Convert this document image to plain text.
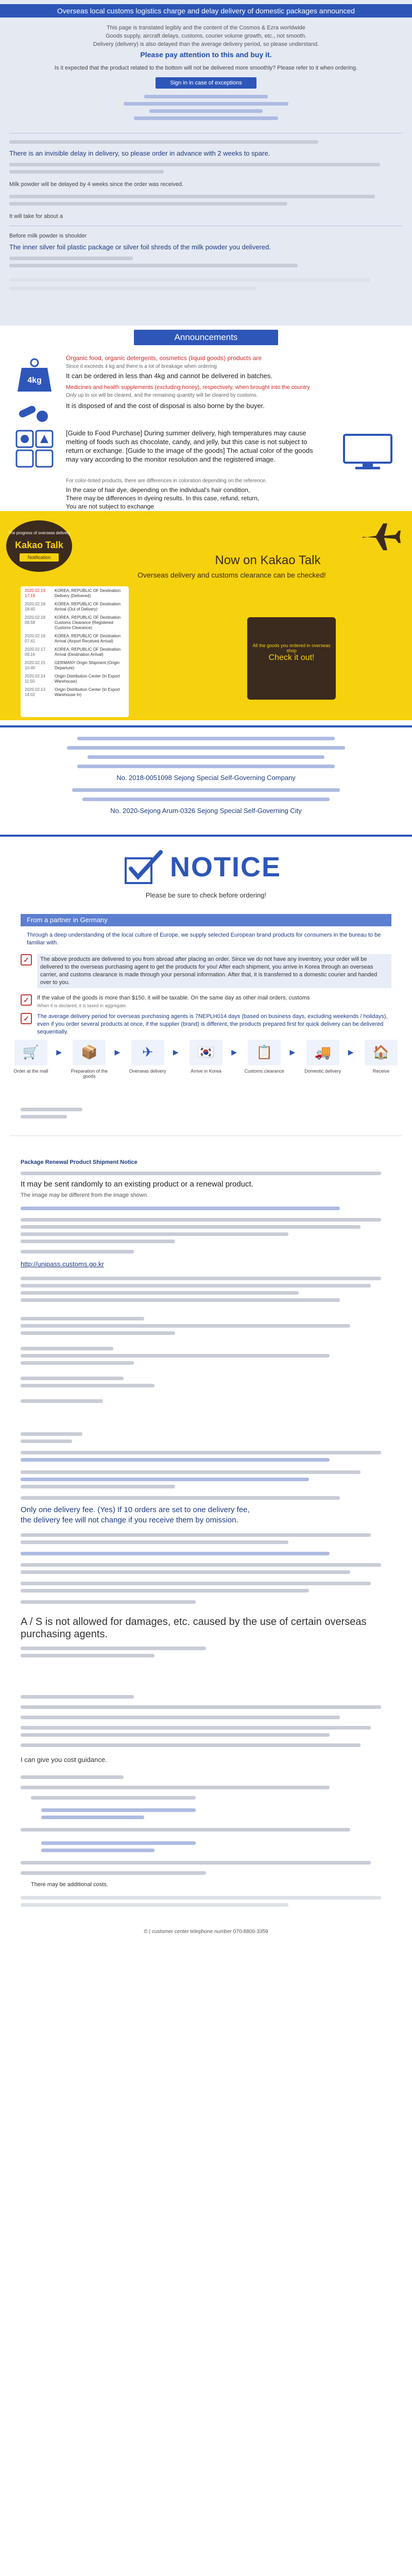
Overseas local customs logistics charge and delay delivery of domestic packages announced
This page is translated legibly and the content of the Cosmos & Ezra worldwide
Goods supply, aircraft delays, customs, courier volume growth, etc., not smooth.
Delivery (delivery) is also delayed than the average delivery period, so please understand.
Please pay attention to this and buy it.
Is it expected that the product related to the bottom will not be delivered more smoothly? Please refer to it when ordering.
Sign in in case of exceptions
There is an invisible delay in delivery, so please order in advance with 2 weeks to spare.
Milk powder will be delayed by 4 weeks since the order was received.
It will take for about a
Before milk powder is shoulder
The inner silver foil plastic package or silver foil shreds of the milk powder you delivered.
Announcements
4kg
Organic food, organic detergents, cosmetics (liquid goods) products are
Since it exceeds 4 kg and there is a lot of breakage when ordering
It can be ordered in less than 4kg and cannot be delivered in batches.
Medicines and health supplements (excluding honey), respectively, when brought into the country
Only up to six will be cleared, and the remaining quantity will be cleared by customs.
It is disposed of and the cost of disposal is also borne by the buyer.
[Guide to Food Purchase] During summer delivery, high temperatures may cause melting of foods such as chocolate, candy, and jelly, but this case is not subject to return or exchange. [Guide to the image of the goods] The actual color of the goods may vary according to the monitor resolution and the registered image.
For color-tinted products, there are differences in coloration depending on the reference.
In the case of hair dye, depending on the individual's hair condition,
There may be differences in dyeing results. In this case, refund, return,
You are not subject to exchange
The progress of overseas delivery
Kakao Talk
Notification Service	Now on Kakao Talk
Overseas delivery and customs clearance can be checked!
2020.02.19 17:19
KOREA, REPUBLIC OF Destination Delivery (Delivered)
2020.02.18 18:40
KOREA, REPUBLIC OF Destination Arrival (Out of Delivery)
2020.02.18 08:58
KOREA, REPUBLIC OF Destination Customs Clearance (Registered Customs Clearance)
2020.02.18 07:41
KOREA, REPUBLIC OF Destination Arrival (Airport Received Arrival)
2020.02.17 09:16
KOREA, REPUBLIC OF Destination Arrival (Destination Arrival)
2020.02.15 10:40
GERMANY Origin Shipment (Origin Departure)
2020.02.14 11:50
Origin Distribution Center (In Export Warehouse)
2020.02.13 14:02
Origin Distribution Center (In Export Warehouse In)
All the goods you ordered in overseas shop
Check it out!
No. 2018-0051098 Sejong Special Self-Governing Company
No. 2020-Sejong Arum-0326 Sejong Special Self-Governing City
NOTICE
Please be sure to check before ordering!
From a partner in Germany
Through a deep understanding of the local culture of Europe, we supply selected European brand products for consumers in the bureau to be familiar with.
✓	The above products are delivered to you from abroad after placing an order. Since we do not have any inventory, your order will be delivered to the overseas purchasing agent to get the products for you! After each shipment, you arrive in Korea through an overseas carrier, and customs clearance is made through your personal information. After that, it is transferred to a domestic courier and handed over to you.
✓	If the value of the goods is more than $150, it will be taxable. On the same day as other mail orders, customs
When it is declared, it is taxed in aggregate.
✓	The average delivery period for overseas purchasing agents is 7NEPLH014 days (based on business days, excluding weekends / holidays), even if you order several products at once, if the supplier (brand) is different, the products prepared first for quick delivery can be delivered sequentially.
🛒
Order at the mall
▶	📦
Preparation of the goods
▶	✈
Overseas delivery
▶	🇰🇷
Arrive in Korea
▶	📋
Customs clearance
▶	🚚
Domestic delivery
▶	🏠
Receive
Package Renewal Product Shipment Notice
It may be sent randomly to an existing product or a renewal product.
The image may be different from the image shown.
http://unipass.customs.go.kr
Only one delivery fee. (Yes) If 10 orders are set to one delivery fee,
the delivery fee will not change if you receive them by omission.
A / S is not allowed for damages, etc. caused by the use of certain overseas purchasing agents.
I can give you cost guidance.
There may be additional costs.
© | customer center telephone number 070-8800-3359
